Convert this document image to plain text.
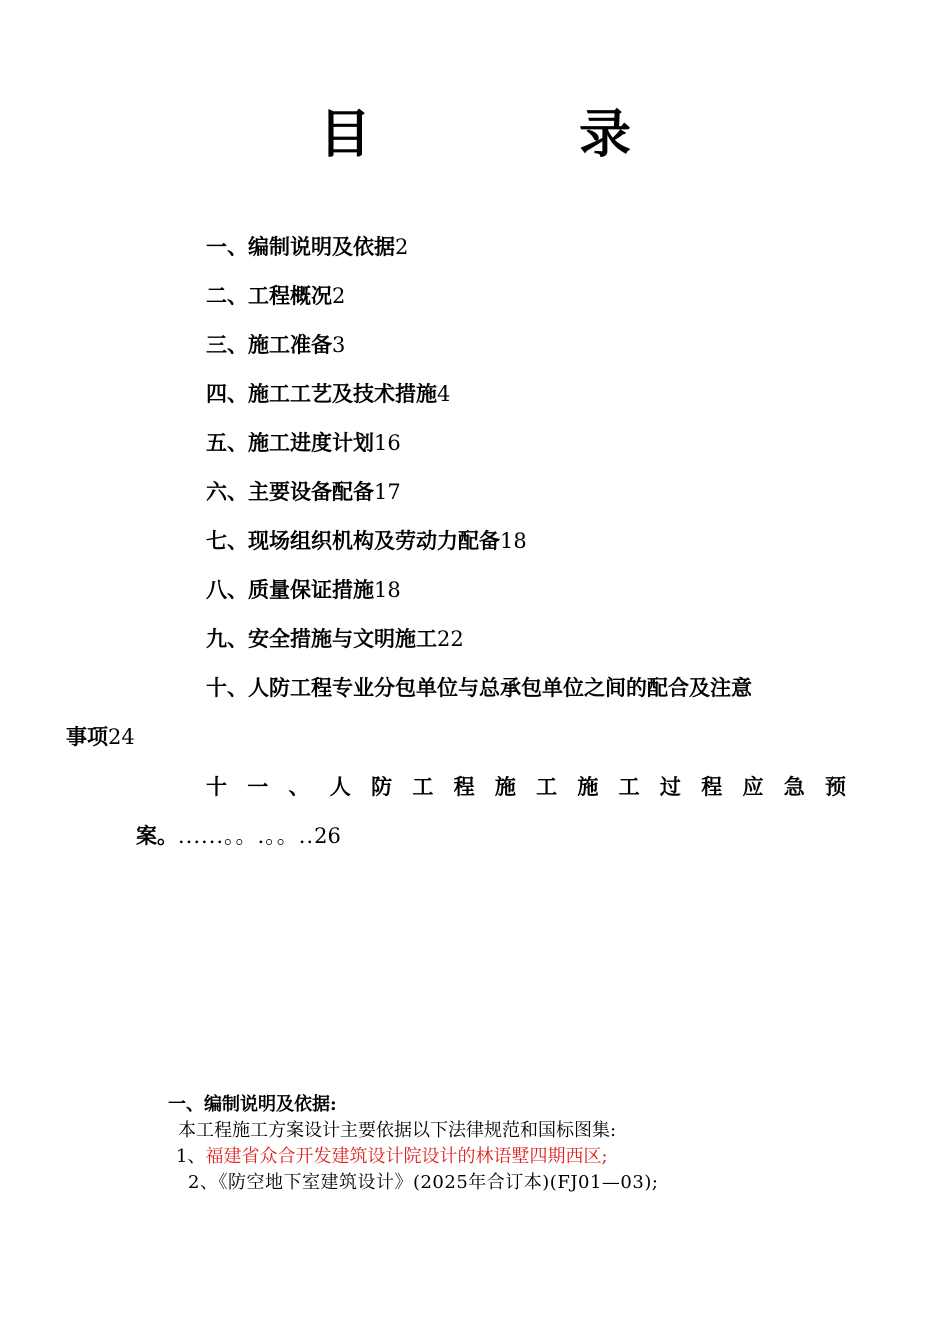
目 录
一、编制说明及依据2
二、工程概况2
三、施工准备3
四、施工工艺及技术措施4
五、施工进度计划16
六、主要设备配备17
七、现场组织机构及劳动力配备18
八、质量保证措施18
九、安全措施与文明施工22
十、人防工程专业分包单位与总承包单位之间的配合及注意
事项24
十 一 、 人 防 工 程 施 工 施 工 过 程 应 急 预
案。......。。.。。..26
一、编制说明及依据:
本工程施工方案设计主要依据以下法律规范和国标图集:
1、福建省众合开发建筑设计院设计的林语墅四期西区;
2、《防空地下室建筑设计》(2025年合订本)(FJ01—03);
